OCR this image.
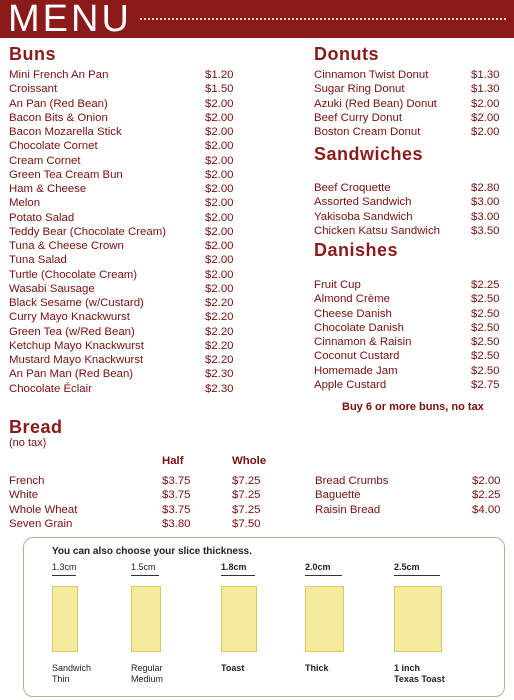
MENU
Buns
Mini French An Pan	$1.20
Croissant	$1.50
An Pan (Red Bean)	$2.00
Bacon Bits & Onion	$2.00
Bacon Mozarella Stick	$2.00
Chocolate Cornet	$2.00
Cream Cornet	$2.00
Green Tea Cream Bun	$2.00
Ham & Cheese	$2.00
Melon	$2.00
Potato Salad	$2.00
Teddy Bear (Chocolate Cream)	$2.00
Tuna & Cheese Crown	$2.00
Tuna Salad	$2.00
Turtle (Chocolate Cream)	$2.00
Wasabi Sausage	$2.00
Black Sesame (w/Custard)	$2.20
Curry Mayo Knackwurst	$2.20
Green Tea (w/Red Bean)	$2.20
Ketchup Mayo Knackwurst	$2.20
Mustard Mayo Knackwurst	$2.20
An Pan Man (Red Bean)	$2.30
Chocolate Éclair	$2.30
Donuts
Cinnamon Twist Donut	$1.30
Sugar Ring Donut	$1.30
Azuki (Red Bean) Donut	$2.00
Beef Curry Donut	$2.00
Boston Cream Donut	$2.00
Sandwiches
Beef Croquette	$2.80
Assorted Sandwich	$3.00
Yakisoba Sandwich	$3.00
Chicken Katsu Sandwich	$3.50
Danishes
Fruit Cup	$2.25
Almond Crème	$2.50
Cheese Danish	$2.50
Chocolate Danish	$2.50
Cinnamon & Raisin	$2.50
Coconut Custard	$2.50
Homemade Jam	$2.50
Apple Custard	$2.75
Buy 6 or more buns, no tax
Bread
(no tax)
Half	Whole
French	$3.75	$7.25
White	$3.75	$7.25
Whole Wheat	$3.75	$7.25
Seven Grain	$3.80	$7.50
Bread Crumbs	$2.00
Baguette	$2.25
Raisin Bread	$4.00
You can also choose your slice thickness.
1.3cm
Sandwich
Thin
1.5cm
Regular
Medium
1.8cm
Toast
2.0cm
Thick
2.5cm
1 inch
Texas Toast
